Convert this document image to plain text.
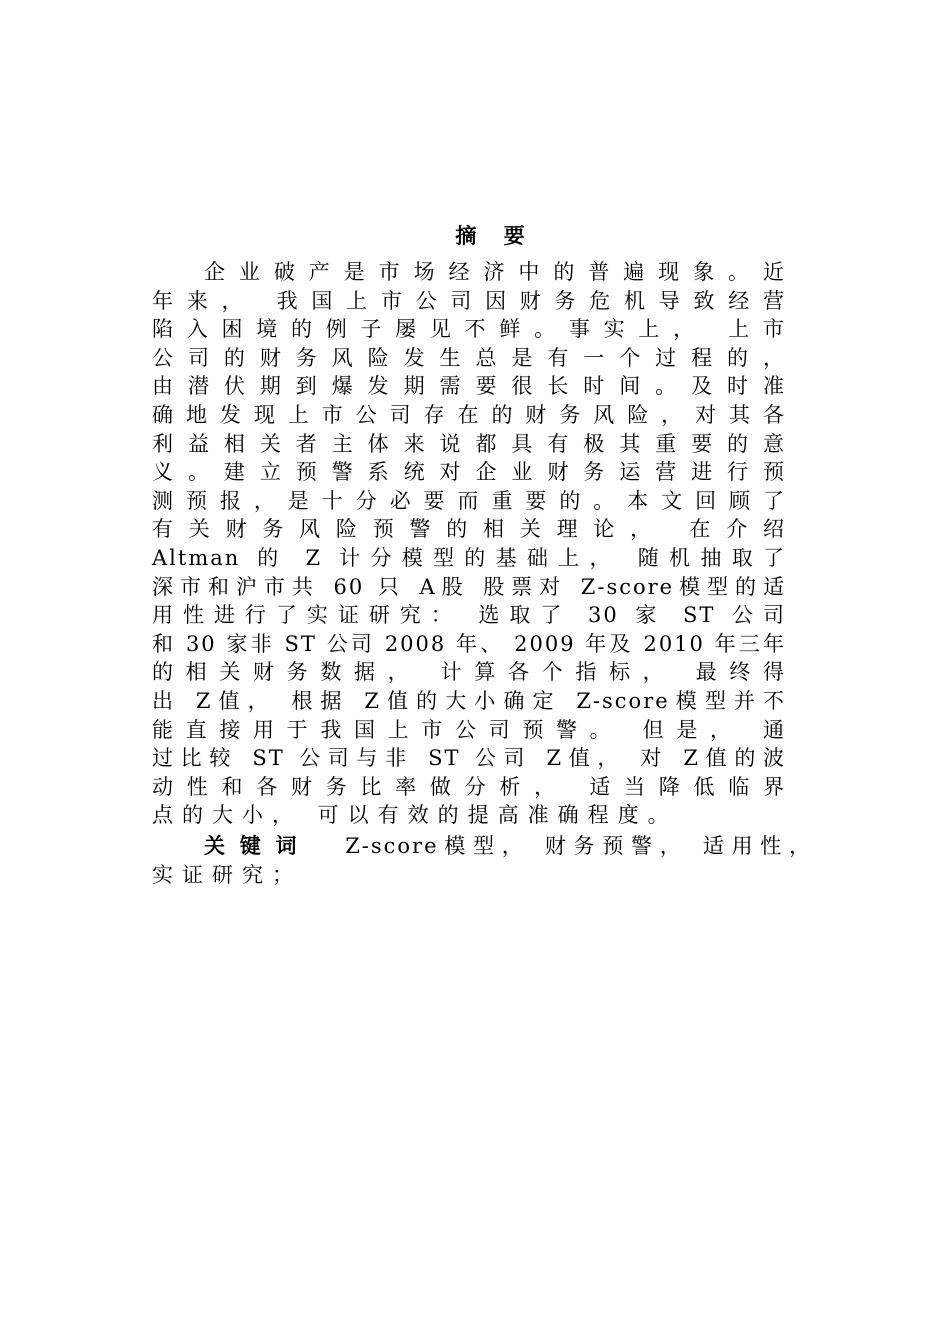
摘 要
企业破产是市场经济中的普遍现象。近
年来， 我国上市公司因财务危机导致经营
陷入困境的例子屡见不鲜。事实上， 上市
公司的财务风险发生总是有一个过程的，
由潜伏期到爆发期需要很长时间。及时准
确地发现上市公司存在的财务风险，对其各
利益相关者主体来说都具有极其重要的意
义。建立预警系统对企业财务运营进行预
测预报，是十分必要而重要的。本文回顾了
有关财务风险预警的相关理论， 在介绍
Altman 的 Z 计分模型的基础上， 随机抽取了
深市和沪市共 60 只 A股 股票对 Z-score模型的适
用性进行了实证研究： 选取了 30 家 ST 公司
和 30 家非 ST 公司 2008 年、 2009 年及 2010 年三年
的相关财务数据， 计算各个指标， 最终得
出 Z值， 根据 Z值的大小确定 Z-score模型并不
能直接用于我国上市公司预警。 但是， 通
过比较 ST 公司与非 ST 公司 Z值， 对 Z值的波
动性和各财务比率做分析， 适当降低临界
点的大小， 可以有效的提高准确程度。
关键词 Z-score模型， 财务预警， 适用性，
实证研究；
